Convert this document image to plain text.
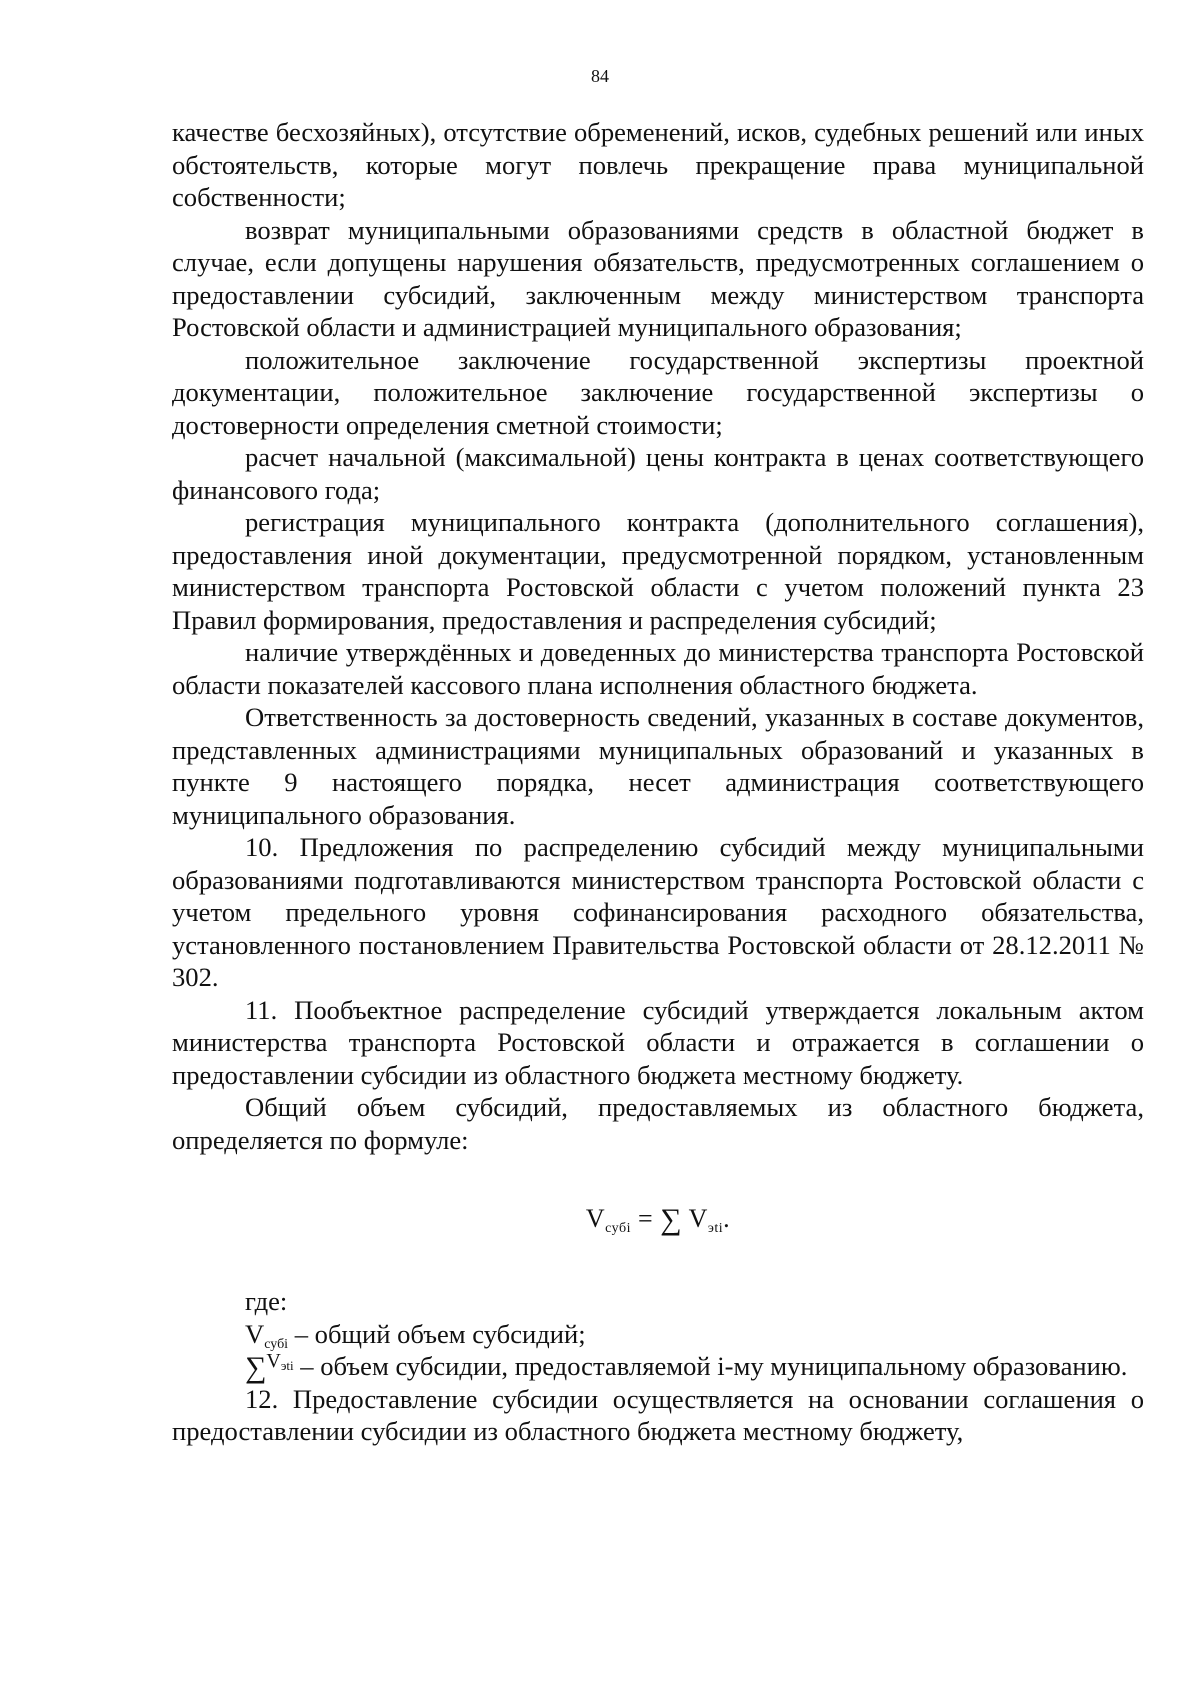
84

качестве бесхозяйных), отсутствие обременений, исков, судебных решений или иных обстоятельств, которые могут повлечь прекращение права муниципальной собственности;

возврат муниципальными образованиями средств в областной бюджет в случае, если допущены нарушения обязательств, предусмотренных соглашением о предоставлении субсидий, заключенным между министерством транспорта Ростовской области и администрацией муниципального образования;

положительное заключение государственной экспертизы проектной документации, положительное заключение государственной экспертизы о достоверности определения сметной стоимости;

расчет начальной (максимальной) цены контракта в ценах соответствующего финансового года;

регистрация муниципального контракта (дополнительного соглашения), предоставления иной документации, предусмотренной порядком, установленным министерством транспорта Ростовской области с учетом положений пункта 23 Правил формирования, предоставления и распределения субсидий;

наличие утверждённых и доведенных до министерства транспорта Ростовской области показателей кассового плана исполнения областного бюджета.

Ответственность за достоверность сведений, указанных в составе документов, представленных администрациями муниципальных образований и указанных в пункте 9 настоящего порядка, несет администрация соответствующего муниципального образования.

10. Предложения по распределению субсидий между муниципальными образованиями подготавливаются министерством транспорта Ростовской области с учетом предельного уровня софинансирования расходного обязательства, установленного постановлением Правительства Ростовской области от 28.12.2011 № 302.

11. Пообъектное распределение субсидий утверждается локальным актом министерства транспорта Ростовской области и отражается в соглашении о предоставлении субсидии из областного бюджета местному бюджету.

Общий объем субсидий, предоставляемых из областного бюджета, определяется по формуле:

$V_{субi}$ = ∑ $V_{эti}$.

где:

$V_{субi}$ – общий объем субсидий;

∑$^{V_{эti}}$ – объем субсидии, предоставляемой i-му муниципальному образованию.

12. Предоставление субсидии осуществляется на основании соглашения о предоставлении субсидии из областного бюджета местному бюджету,
